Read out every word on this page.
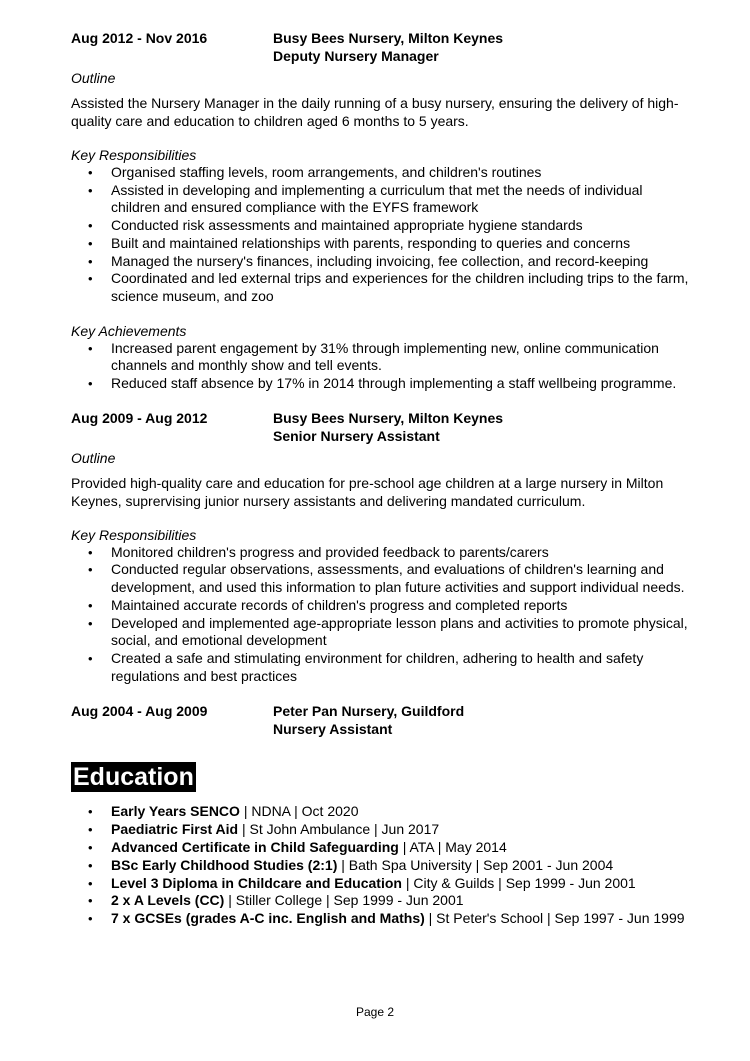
Aug 2012 - Nov 2016	Busy Bees Nursery, Milton Keynes
Deputy Nursery Manager
Outline
Assisted the Nursery Manager in the daily running of a busy nursery, ensuring the delivery of high-quality care and education to children aged 6 months to 5 years.
Key Responsibilities
• Organised staffing levels, room arrangements, and children's routines
• Assisted in developing and implementing a curriculum that met the needs of individual children and ensured compliance with the EYFS framework
• Conducted risk assessments and maintained appropriate hygiene standards
• Built and maintained relationships with parents, responding to queries and concerns
• Managed the nursery's finances, including invoicing, fee collection, and record-keeping
• Coordinated and led external trips and experiences for the children including trips to the farm, science museum, and zoo
Key Achievements
• Increased parent engagement by 31% through implementing new, online communication channels and monthly show and tell events.
• Reduced staff absence by 17% in 2014 through implementing a staff wellbeing programme.
Aug 2009 - Aug 2012	Busy Bees Nursery, Milton Keynes
Senior Nursery Assistant
Outline
Provided high-quality care and education for pre-school age children at a large nursery in Milton Keynes, suprervising junior nursery assistants and delivering mandated curriculum.
Key Responsibilities
• Monitored children's progress and provided feedback to parents/carers
• Conducted regular observations, assessments, and evaluations of children's learning and development, and used this information to plan future activities and support individual needs.
• Maintained accurate records of children's progress and completed reports
• Developed and implemented age-appropriate lesson plans and activities to promote physical, social, and emotional development
• Created a safe and stimulating environment for children, adhering to health and safety regulations and best practices
Aug 2004 - Aug 2009	Peter Pan Nursery, Guildford
Nursery Assistant
Education
• Early Years SENCO | NDNA | Oct 2020
• Paediatric First Aid | St John Ambulance | Jun 2017
• Advanced Certificate in Child Safeguarding | ATA | May 2014
• BSc Early Childhood Studies (2:1) | Bath Spa University | Sep 2001 - Jun 2004
• Level 3 Diploma in Childcare and Education | City & Guilds | Sep 1999 - Jun 2001
• 2 x A Levels (CC) | Stiller College | Sep 1999 - Jun 2001
• 7 x GCSEs (grades A-C inc. English and Maths) | St Peter's School | Sep 1997 - Jun 1999
Page 2
